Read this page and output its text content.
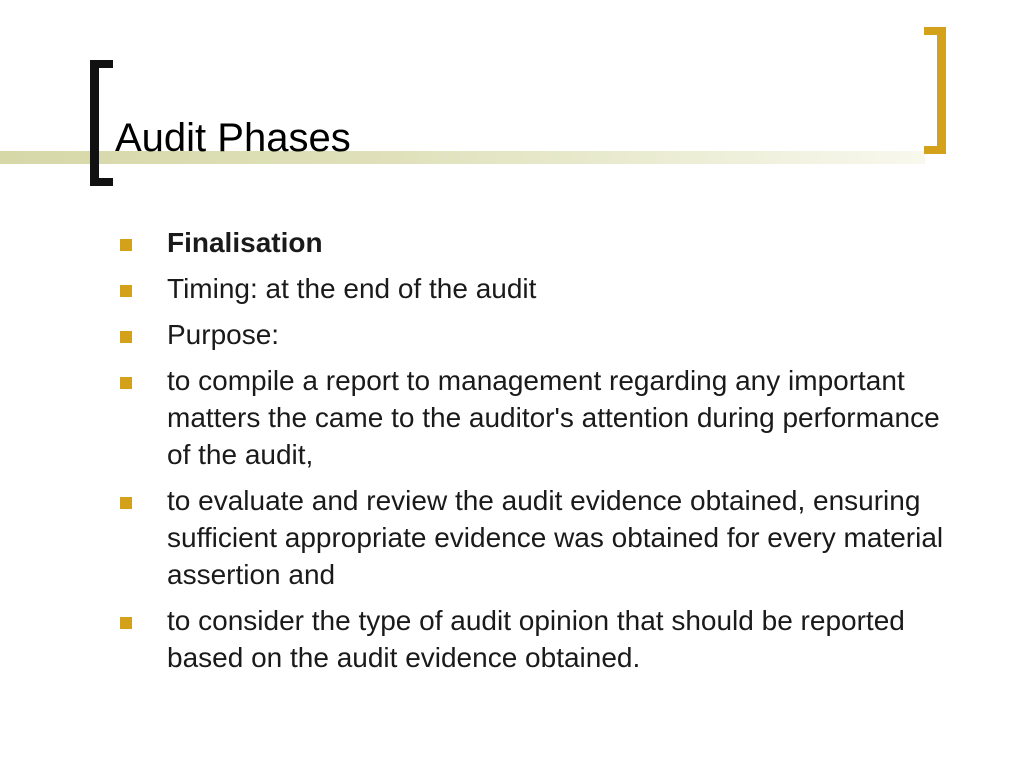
Audit Phases
Finalisation
Timing: at the end of the audit
Purpose:
to compile a report to management regarding any important matters the came to the auditor's attention during performance of the audit,
to evaluate and review the audit evidence obtained, ensuring sufficient appropriate evidence was obtained for every material assertion and
to consider the type of audit opinion that should be reported based on the audit evidence obtained.
